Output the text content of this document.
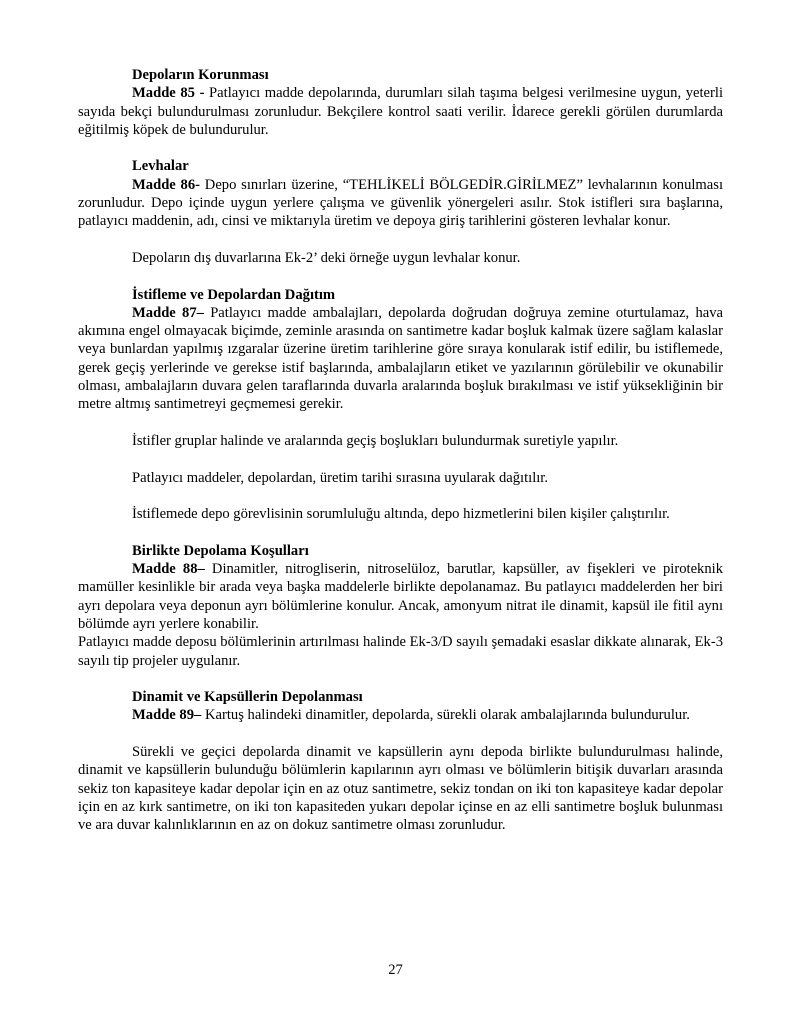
Depoların Korunması

Madde 85 - Patlayıcı madde depolarında, durumları silah taşıma belgesi verilmesine uygun, yeterli sayıda bekçi bulundurulması zorunludur. Bekçilere kontrol saati verilir. İdarece gerekli görülen durumlarda eğitilmiş köpek de bulundurulur.

Levhalar

Madde 86- Depo sınırları üzerine, “TEHLİKELİ BÖLGEDİR.GİRİLMEZ” levhalarının konulması zorunludur. Depo içinde uygun yerlere çalışma ve güvenlik yönergeleri asılır. Stok istifleri sıra başlarına, patlayıcı maddenin, adı, cinsi ve miktarıyla üretim ve depoya giriş tarihlerini gösteren levhalar konur.

Depoların dış duvarlarına Ek-2’ deki örneğe uygun levhalar konur.

İstifleme ve Depolardan Dağıtım

Madde 87– Patlayıcı madde ambalajları, depolarda doğrudan doğruya zemine oturtulamaz, hava akımına engel olmayacak biçimde, zeminle arasında on santimetre kadar boşluk kalmak üzere sağlam kalaslar veya bunlardan yapılmış ızgaralar üzerine üretim tarihlerine göre sıraya konularak istif edilir, bu istiflemede, gerek geçiş yerlerinde ve gerekse istif başlarında, ambalajların etiket ve yazılarının görülebilir ve okunabilir olması, ambalajların duvara gelen taraflarında duvarla aralarında boşluk bırakılması ve istif yüksekliğinin bir metre altmış santimetreyi geçmemesi gerekir.

İstifler gruplar halinde ve aralarında geçiş boşlukları bulundurmak suretiyle yapılır.

Patlayıcı maddeler, depolardan, üretim tarihi sırasına uyularak dağıtılır.

İstiflemede depo görevlisinin sorumluluğu altında, depo hizmetlerini bilen kişiler çalıştırılır.

Birlikte Depolama Koşulları

Madde 88– Dinamitler, nitrogliserin, nitroselüloz, barutlar, kapsüller, av fişekleri ve piroteknik mamüller kesinlikle bir arada veya başka maddelerle birlikte depolanamaz. Bu patlayıcı maddelerden her biri ayrı depolara veya deponun ayrı bölümlerine konulur. Ancak, amonyum nitrat ile dinamit, kapsül ile fitil aynı bölümde ayrı yerlere konabilir.

Patlayıcı madde deposu bölümlerinin artırılması halinde Ek-3/D sayılı şemadaki esaslar dikkate alınarak, Ek-3 sayılı tip projeler uygulanır.

Dinamit ve Kapsüllerin Depolanması

Madde 89– Kartuş halindeki dinamitler, depolarda, sürekli olarak ambalajlarında bulundurulur.

Sürekli ve geçici depolarda dinamit ve kapsüllerin aynı depoda birlikte bulundurulması halinde, dinamit ve kapsüllerin bulunduğu bölümlerin kapılarının ayrı olması ve bölümlerin bitişik duvarları arasında sekiz ton kapasiteye kadar depolar için en az otuz santimetre, sekiz tondan on iki ton kapasiteye kadar depolar için en az kırk santimetre, on iki ton kapasiteden yukarı depolar içinse en az elli santimetre boşluk bulunması ve ara duvar kalınlıklarının en az on dokuz santimetre olması zorunludur.

27
